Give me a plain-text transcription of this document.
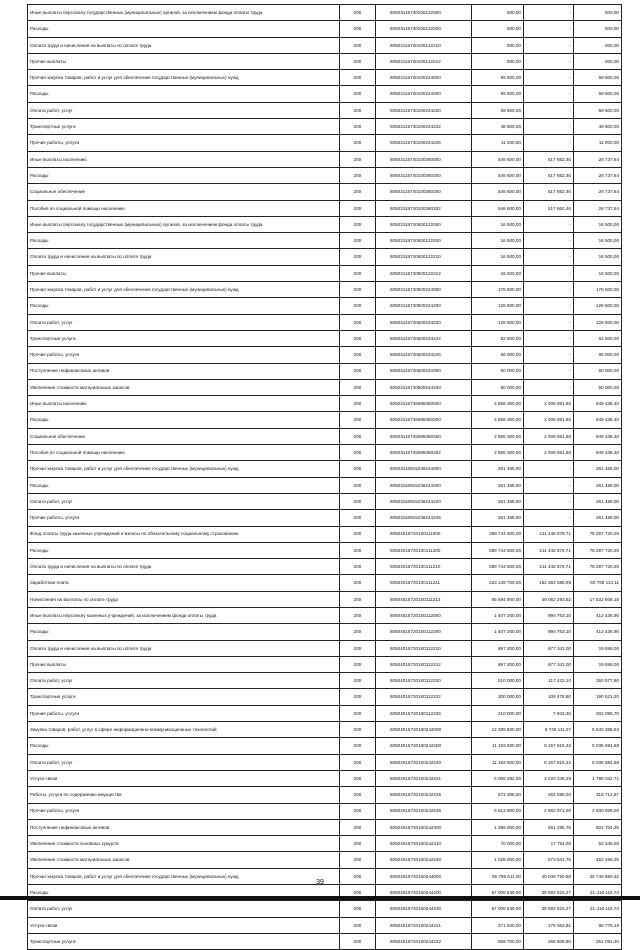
Иные выплаты персоналу государственных (муниципальных) органов, за исключением фонда оплаты труда	200	60503115740100122000	500,00	-	500,00
Расходы	200	60503115740100122200	500,00	-	500,00
Оплата труда и начисления на выплаты по оплате труда	200	60503115740100122210	500,00	-	500,00
Прочие выплаты	200	60503115740100122212	500,00	-	500,00
Прочая закупка товаров, работ и услуг для обеспечения государственных (муниципальных) нужд	200	60503115740100244000	59 500,00	-	59 500,00
Расходы	200	60503115740100244200	59 500,00	-	59 500,00
Оплата работ, услуг	200	60503115740100244220	59 500,00	-	59 500,00
Транспортные услуги	200	60503115740100244222	48 500,00	-	48 500,00
Прочие работы, услуги	200	60503115740100244226	11 000,00	-	11 000,00
Иные выплаты населению	200	60503115740100360000	546 600,00	517 862,46	28 737,54
Расходы	200	60503115740100360200	546 600,00	517 862,46	28 737,54
Социальное обеспечение	200	60503115740100360260	546 600,00	517 862,46	28 737,54
Пособия по социальной помощи населению	200	60503115740100360262	546 600,00	517 862,46	28 737,54
Иные выплаты персоналу государственных (муниципальных) органов, за исключением фонда оплаты труда	200	60503115740500122000	16 500,00	-	16 500,00
Расходы	200	60503115740500122200	16 500,00	-	16 500,00
Оплата труда и начисления на выплаты по оплате труда	200	60503115740500122210	16 500,00	-	16 500,00
Прочие выплаты	200	60503115740500122212	16 500,00	-	16 500,00
Прочая закупка товаров, работ и услуг для обеспечения государственных (муниципальных) нужд	200	60503115740500244000	178 500,00	-	178 500,00
Расходы	200	60503115740500244200	128 500,00	-	128 500,00
Оплата работ, услуг	200	60503115740500244220	128 500,00	-	128 500,00
Транспортные услуги	200	60503115740500244222	62 500,00	-	62 500,00
Прочие работы, услуги	200	60503115740500244226	66 000,00	-	66 000,00
Поступление нефинансовых активов	200	60503115740500244300	50 000,00	-	50 000,00
Увеличение стоимости материальных запасов	200	60503115740500244340	50 000,00	-	50 000,00
Иные выплаты населению	200	60503115745086360000	2 858 300,00	2 008 861,60	849 438,40
Расходы	200	60503115745086360200	2 858 300,00	2 008 861,60	849 438,40
Социальное обеспечение	200	60503115745086360260	2 858 300,00	2 008 861,60	849 438,40
Пособия по социальной помощи населению	200	60503115745086360262	2 858 300,00	2 008 861,60	849 438,40
Прочая закупка товаров, работ и услуг для обеспечения государственных (муниципальных) нужд	200	60503116915236244000	261 465,00	-	261 465,00
Расходы	200	60503116915236244200	261 465,00	-	261 465,00
Оплата работ, услуг	200	60503116915236244220	261 465,00	-	261 465,00
Прочие работы, услуги	200	60503116915236244226	261 465,00	-	261 465,00
Фонд оплаты труда казенных учреждений и взносы по обязательному социальному страхованию	200	60504015720100111000	289 744 600,00	211 446 879,71	78 297 720,29
Расходы	200	60504015720100111200	289 744 600,00	211 446 879,71	78 297 720,29
Оплата труда и начисления на выплаты по оплате труда	200	60504015720100111210	289 744 600,00	211 446 879,71	78 297 720,29
Заработная плата	200	60504015720100111211	223 149 700,00	162 384 585,89	60 765 114,11
Начисления на выплаты по оплате труда	200	60504015720100111213	66 594 900,00	49 062 293,82	17 532 606,18
Иные выплаты персоналу казенных учреждений, за исключением фонда оплаты труда	200	60504015720100112000	1 407 200,00	994 763,10	412 436,90
Расходы	200	60504015720100112200	1 407 200,00	994 763,10	412 436,90
Оплата труда и начисления на выплаты по оплате труда	200	60504015720100112210	897 200,00	877 341,00	19 859,00
Прочие выплаты	200	60504015720100112212	897 200,00	877 341,00	19 859,00
Оплата работ, услуг	200	60504015720100112220	510 000,00	117 422,10	392 577,90
Транспортные услуги	200	60504015720100112222	300 000,00	109 478,80	190 521,20
Прочие работы, услуги	200	60504015720100112226	210 000,00	7 943,30	202 056,70
Закупка товаров, работ, услуг в сфере информационно-коммуникационных технологий	200	60504015720100242000	12 289 500,00	6 749 111,07	5 540 388,93
Расходы	200	60504015720100242200	11 193 500,00	6 157 815,32	5 035 684,68
Оплата работ, услуг	200	60504015720100242220	11 193 500,00	6 157 815,32	5 035 684,68
Услуги связи	200	60504015720100242221	5 006 292,00	3 220 249,29	1 786 042,71
Работы, услуги по содержанию имущества	200	60504015720100242225	573 308,00	254 595,03	318 712,97
Прочие работы, услуги	200	60504015720100242226	5 613 900,00	2 682 971,00	2 930 929,00
Поступление нефинансовых активов	200	60504015720100242300	1 096 000,00	591 295,75	504 704,25
Увеличение стоимости основных средств	200	60504015720100242310	70 000,00	17 754,00	52 246,00
Увеличение стоимости материальных запасов	200	60504015720100242340	1 026 000,00	573 541,75	452 458,25
Прочая закупка товаров, работ и услуг для обеспечения государственных (муниципальных) нужд	200	60504015720100244000	65 795 611,00	40 048 750,58	25 746 860,42
Расходы	200	60504015720100244200	57 008 639,00	35 592 523,27	21 416 115,73
Оплата работ, услуг	200	60504015720100244220	57 008 639,00	35 592 523,27	21 416 115,73
Услуги связи	200	60504015720100244221	271 840,00	176 063,81	95 776,19
Транспортные услуги	200	60504015720100244222	559 700,00	268 608,80	251 091,20
39
